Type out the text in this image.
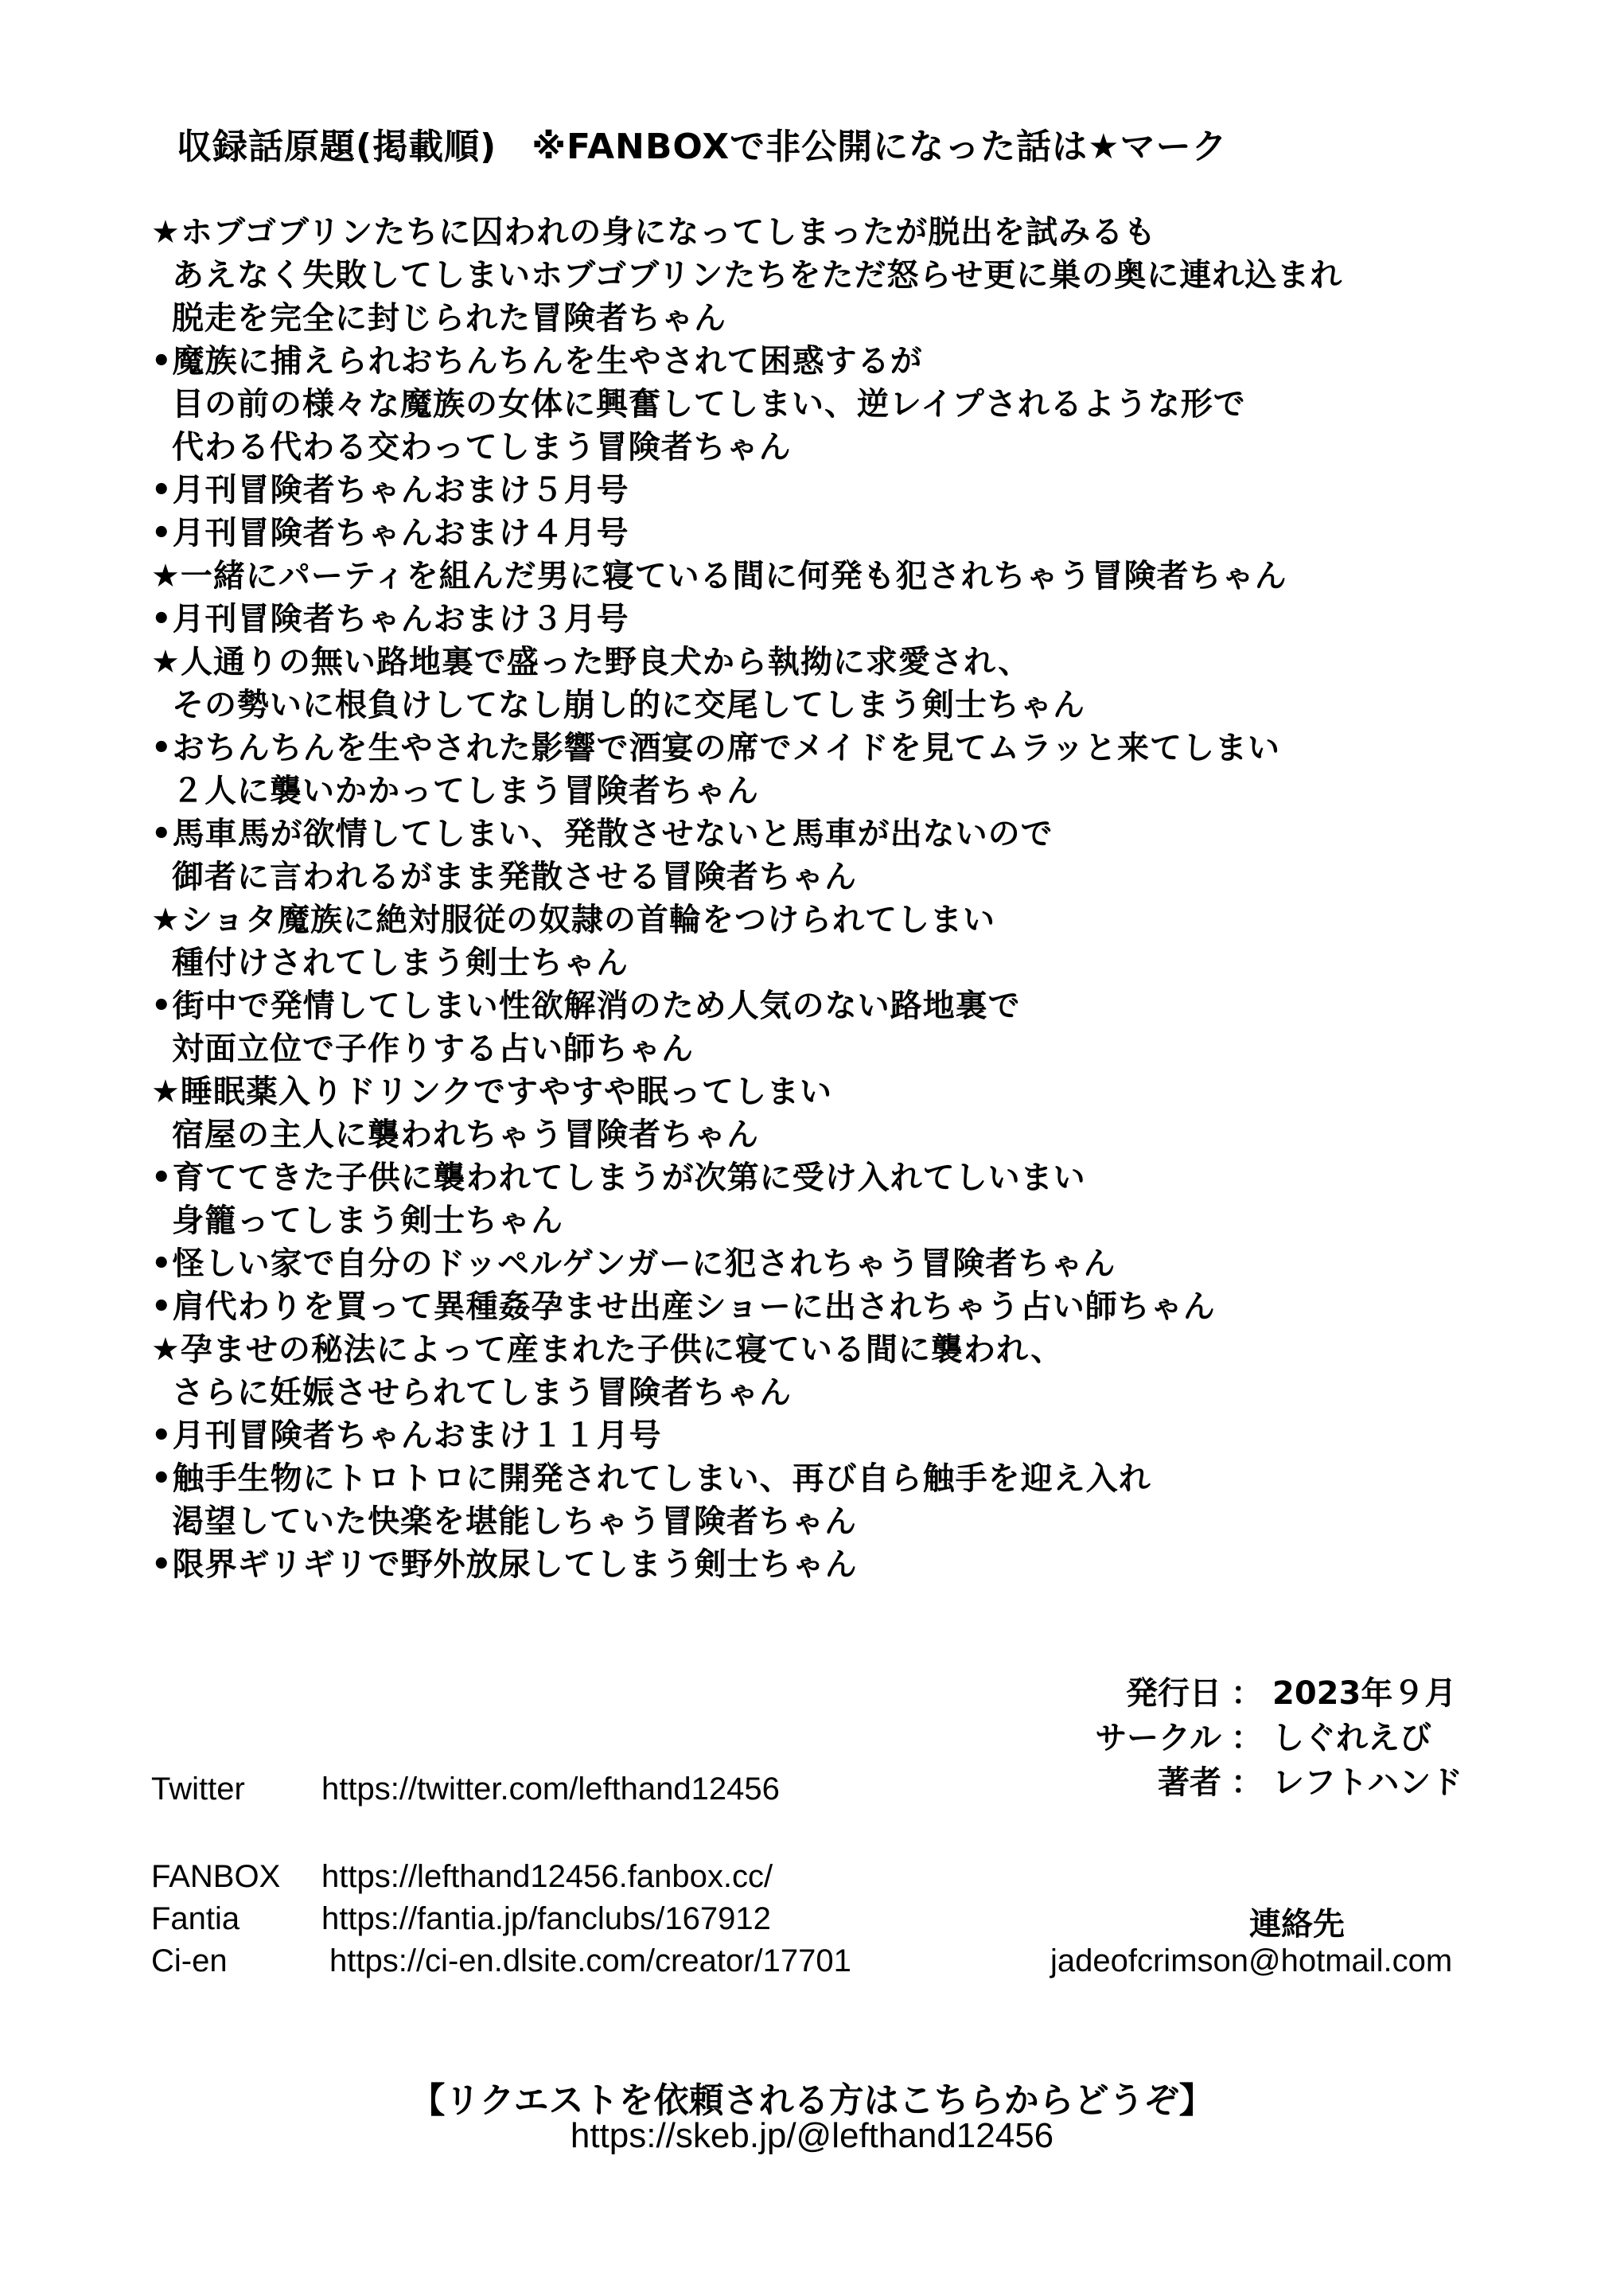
収録話原題(掲載順) ※FANBOXで非公開になった話は★マーク
★ホブゴブリンたちに囚われの身になってしまったが脱出を試みるも
あえなく失敗してしまいホブゴブリンたちをただ怒らせ更に巣の奥に連れ込まれ
脱走を完全に封じられた冒険者ちゃん
•魔族に捕えられおちんちんを生やされて困惑するが
目の前の様々な魔族の女体に興奮してしまい、逆レイプされるような形で
代わる代わる交わってしまう冒険者ちゃん
•月刊冒険者ちゃんおまけ５月号
•月刊冒険者ちゃんおまけ４月号
★一緒にパーティを組んだ男に寝ている間に何発も犯されちゃう冒険者ちゃん
•月刊冒険者ちゃんおまけ３月号
★人通りの無い路地裏で盛った野良犬から執拗に求愛され、
その勢いに根負けしてなし崩し的に交尾してしまう剣士ちゃん
•おちんちんを生やされた影響で酒宴の席でメイドを見てムラッと来てしまい
２人に襲いかかってしまう冒険者ちゃん
•馬車馬が欲情してしまい、発散させないと馬車が出ないので
御者に言われるがまま発散させる冒険者ちゃん
★ショタ魔族に絶対服従の奴隷の首輪をつけられてしまい
種付けされてしまう剣士ちゃん
•街中で発情してしまい性欲解消のため人気のない路地裏で
対面立位で子作りする占い師ちゃん
★睡眠薬入りドリンクですやすや眠ってしまい
宿屋の主人に襲われちゃう冒険者ちゃん
•育ててきた子供に襲われてしまうが次第に受け入れてしいまい
身籠ってしまう剣士ちゃん
•怪しい家で自分のドッペルゲンガーに犯されちゃう冒険者ちゃん
•肩代わりを買って異種姦孕ませ出産ショーに出されちゃう占い師ちゃん
★孕ませの秘法によって産まれた子供に寝ている間に襲われ、
さらに妊娠させられてしまう冒険者ちゃん
•月刊冒険者ちゃんおまけ１１月号
•触手生物にトロトロに開発されてしまい、再び自ら触手を迎え入れ
渇望していた快楽を堪能しちゃう冒険者ちゃん
•限界ギリギリで野外放尿してしまう剣士ちゃん
発行日 ： 2023年９月
サークル ： しぐれえび
著者 ： レフトハンド
Twitter https://twitter.com/lefthand12456
FANBOX https://lefthand12456.fanbox.cc/
Fantia	https://fantia.jp/fanclubs/167912
Ci-en	https://ci-en.dlsite.com/creator/17701
連絡先
jadeofcrimson@hotmail.com
【リクエストを依頼される方はこちらからどうぞ】
https://skeb.jp/@lefthand12456
